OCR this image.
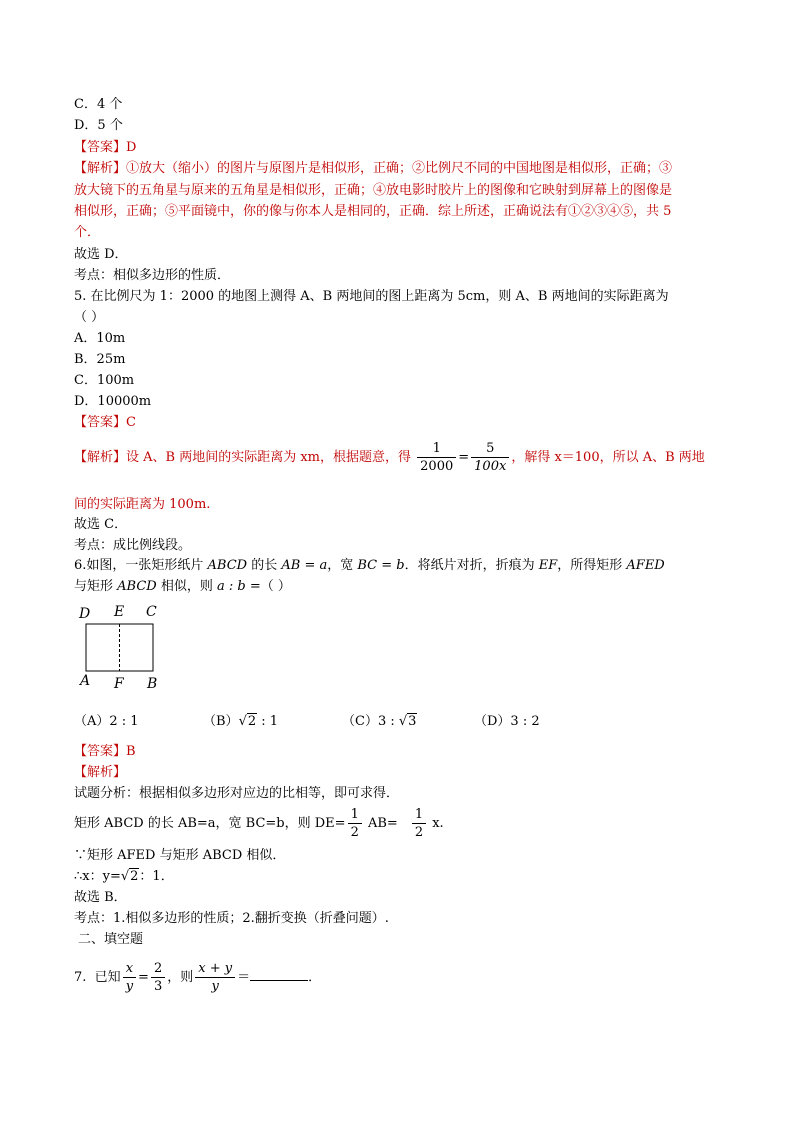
C．4 个
D．5 个
【答案】D
【解析】①放大（缩小）的图片与原图片是相似形，正确；②比例尺不同的中国地图是相似形，正确；③
放大镜下的五角星与原来的五角星是相似形，正确；④放电影时胶片上的图像和它映射到屏幕上的图像是
相似形，正确；⑤平面镜中，你的像与你本人是相同的，正确．综上所述，正确说法有①②③④⑤，共 5
个．
故选 D．
考点：相似多边形的性质．
5. 在比例尺为 1：2000 的地图上测得 A、B 两地间的图上距离为 5cm，则 A、B 两地间的实际距离为
（ ）
A．10m
B．25m
C．100m
D．10000m
【答案】C
【解析】设 A、B 两地间的实际距离为 xm，根据题意，得 $\frac{1}{2000} = \frac{5}{100x}$ ，解得 x＝100，所以 A、B 两地
间的实际距离为 100m.
故选 C．
考点：成比例线段。
6.如图，一张矩形纸片 ABCD 的长 AB = a，宽 BC = b．将纸片对折，折痕为 EF，所得矩形 AFED
与矩形 ABCD 相似，则 a : b =（ ）
D E C
A F B
（A）2 : 1	（B）√2 : 1	（C）3 : √3	（D）3 : 2
【答案】B
【解析】
试题分析：根据相似多边形对应边的比相等，即可求得．
矩形 ABCD 的长 AB=a，宽 BC=b，则 $DE= \frac{1}{2} AB= \frac{1}{2} x$.
∵矩形 AFED 与矩形 ABCD 相似．
∴x：y=√2：1．
故选 B．
考点：1.相似多边形的性质；2.翻折变换（折叠问题）.
二、填空题
7. 已知 $\frac{x}{y} = \frac{2}{3}$ ，则 $\frac{x + y}{y}$ ＝	．
